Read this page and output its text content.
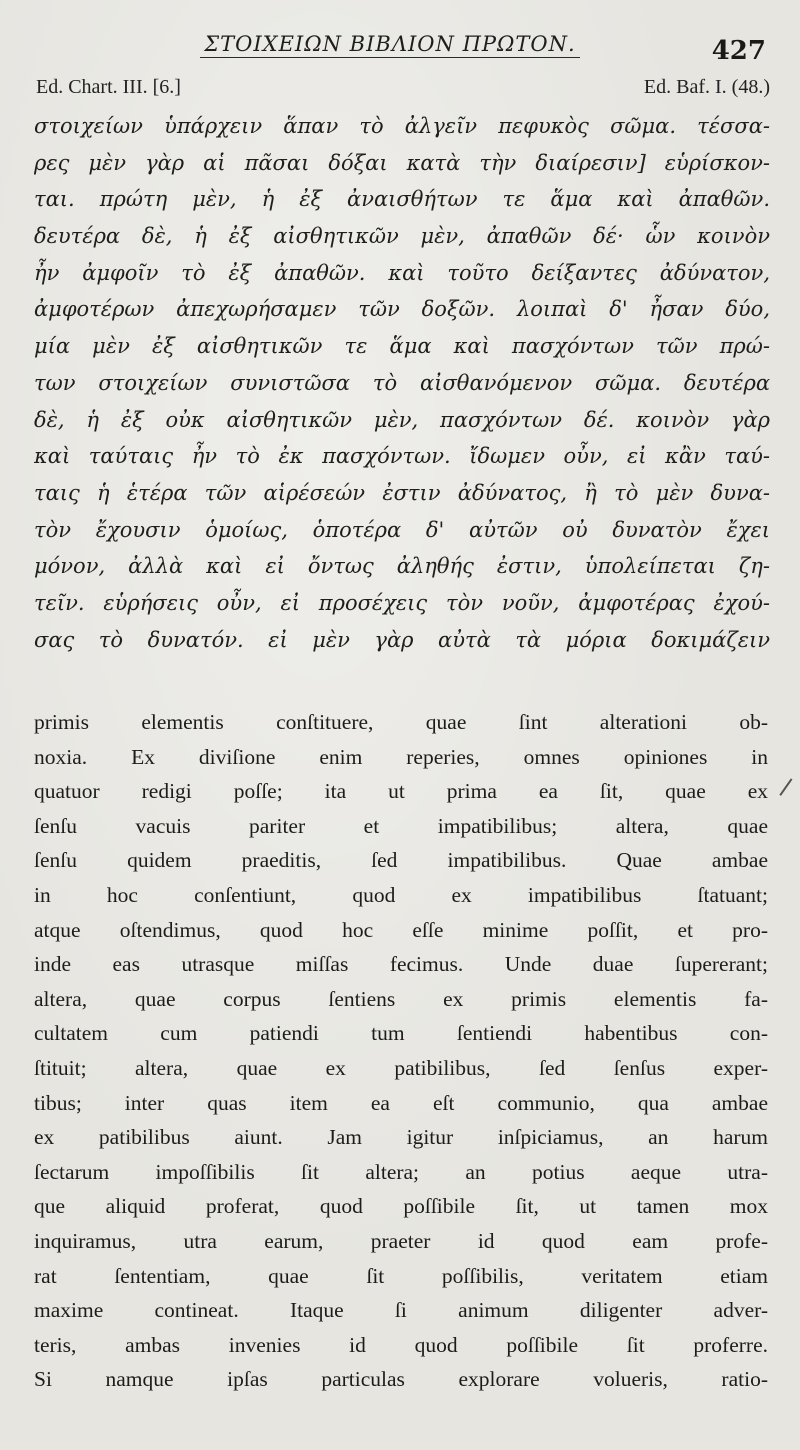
ΣΤΟΙΧΕΙΩΝ ΒΙΒΛΙΟΝ ΠΡΩΤΟΝ.	427
Ed. Chart. III. [6.]	Ed. Baf. I. (48.)
στοιχείων ὑπάρχειν ἅπαν τὸ ἀλγεῖν πεφυκὸς σῶμα. τέσσα-
ρες μὲν γὰρ αἱ πᾶσαι δόξαι κατὰ τὴν διαίρεσιν] εὑρίσκον-
ται. πρώτη μὲν, ἡ ἐξ ἀναισθήτων τε ἅμα καὶ ἀπαθῶν.
δευτέρα δὲ, ἡ ἐξ αἰσθητικῶν μὲν, ἀπαθῶν δέ· ὧν κοινὸν
ἦν ἀμφοῖν τὸ ἐξ ἀπαθῶν. καὶ τοῦτο δείξαντες ἀδύνατον,
ἀμφοτέρων ἀπεχωρήσαμεν τῶν δοξῶν. λοιπαὶ δ' ἦσαν δύο,
μία μὲν ἐξ αἰσθητικῶν τε ἅμα καὶ πασχόντων τῶν πρώ-
των στοιχείων συνιστῶσα τὸ αἰσθανόμενον σῶμα. δευτέρα
δὲ, ἡ ἐξ οὐκ αἰσθητικῶν μὲν, πασχόντων δέ. κοινὸν γὰρ
καὶ ταύταις ἦν τὸ ἐκ πασχόντων. ἴδωμεν οὖν, εἰ κἂν ταύ-
ταις ἡ ἑτέρα τῶν αἱρέσεών ἐστιν ἀδύνατος, ἢ τὸ μὲν δυνα-
τὸν ἔχουσιν ὁμοίως, ὁποτέρα δ' αὐτῶν οὐ δυνατὸν ἔχει
μόνον, ἀλλὰ καὶ εἰ ὄντως ἀληθής ἐστιν, ὑπολείπεται ζη-
τεῖν. εὑρήσεις οὖν, εἰ προσέχεις τὸν νοῦν, ἀμφοτέρας ἐχού-
σας τὸ δυνατόν. εἰ μὲν γὰρ αὐτὰ τὰ μόρια δοκιμάζειν
primis elementis conſtituere, quae ſint alterationi ob-
noxia. Ex diviſione enim reperies, omnes opiniones in
quatuor redigi poſſe; ita ut prima ea ſit, quae ex
ſenſu vacuis pariter et impatibilibus; altera, quae
ſenſu quidem praeditis, ſed impatibilibus. Quae ambae
in hoc conſentiunt, quod ex impatibilibus ſtatuant;
atque oſtendimus, quod hoc eſſe minime poſſit, et pro-
inde eas utrasque miſſas fecimus. Unde duae ſupererant;
altera, quae corpus ſentiens ex primis elementis fa-
cultatem cum patiendi tum ſentiendi habentibus con-
ſtituit; altera, quae ex patibilibus, ſed ſenſus exper-
tibus; inter quas item ea eſt communio, qua ambae
ex patibilibus aiunt. Jam igitur inſpiciamus, an harum
ſectarum impoſſibilis ſit altera; an potius aeque utra-
que aliquid proferat, quod poſſibile ſit, ut tamen mox
inquiramus, utra earum, praeter id quod eam profe-
rat ſententiam, quae ſit poſſibilis, veritatem etiam
maxime contineat. Itaque ſi animum diligenter adver-
teris, ambas invenies id quod poſſibile ſit proferre.
Si namque ipſas particulas explorare volueris, ratio-
